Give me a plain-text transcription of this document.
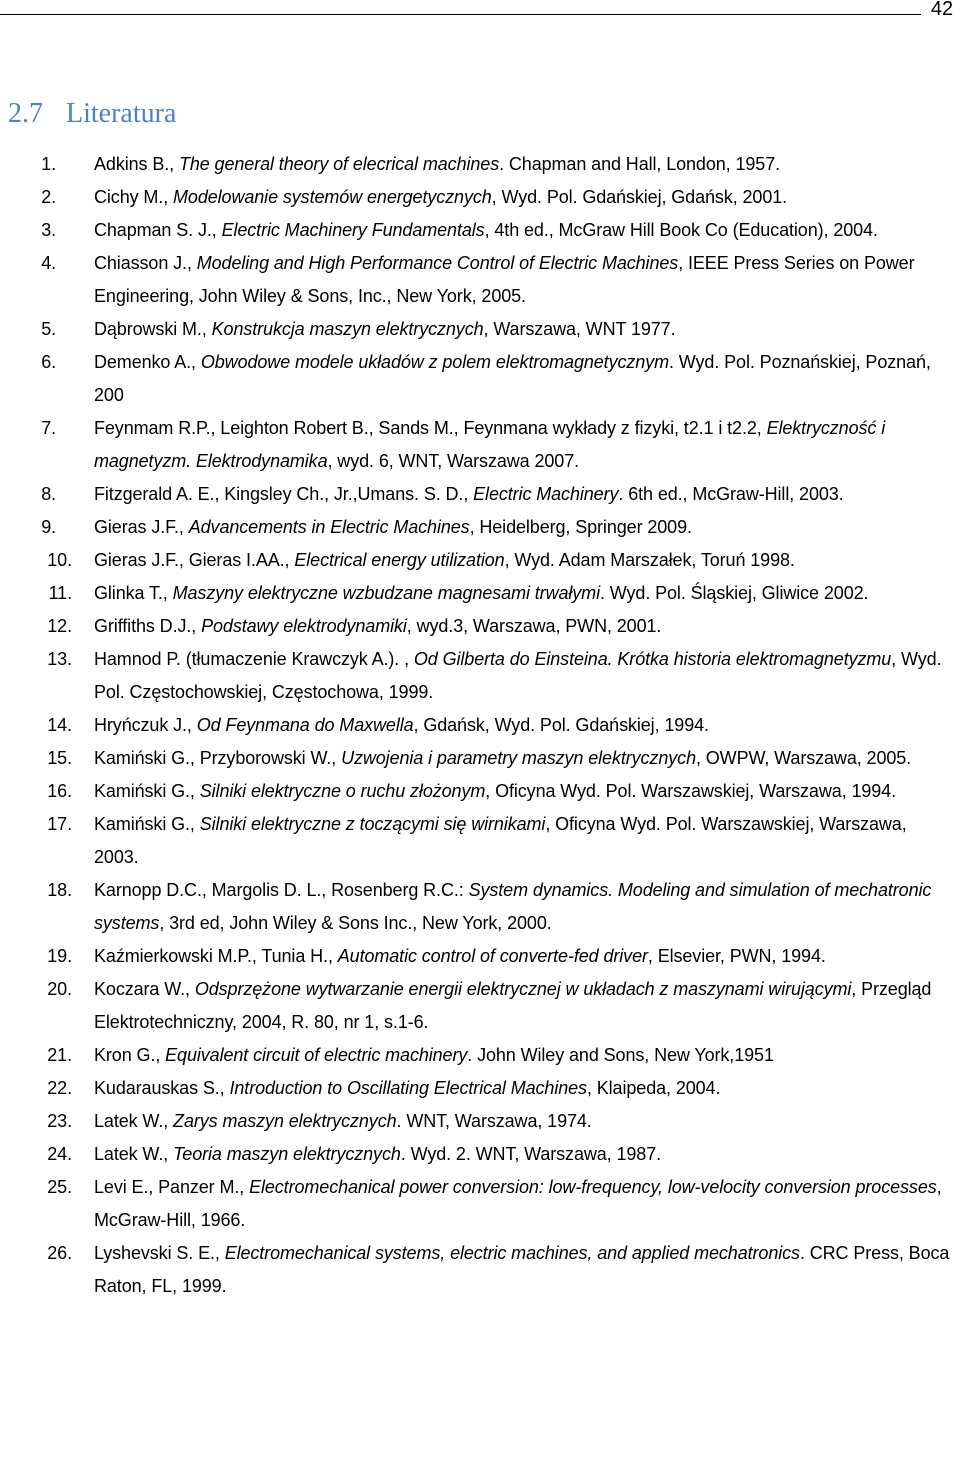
42
2.7 Literatura
1. Adkins B., The general theory of elecrical machines. Chapman and Hall, London, 1957.
2. Cichy M., Modelowanie systemów energetycznych, Wyd. Pol. Gdańskiej, Gdańsk, 2001.
3. Chapman S. J., Electric Machinery Fundamentals, 4th ed., McGraw Hill Book Co (Education), 2004.
4. Chiasson J., Modeling and High Performance Control of Electric Machines, IEEE Press Series on Power Engineering, John Wiley & Sons, Inc., New York, 2005.
5. Dąbrowski M., Konstrukcja maszyn elektrycznych, Warszawa, WNT 1977.
6. Demenko A., Obwodowe modele układów z polem elektromagnetycznym. Wyd. Pol. Poznańskiej, Poznań, 200
7. Feynmam R.P., Leighton Robert B., Sands M., Feynmana wykłady z fizyki, t2.1 i t2.2, Elektryczność i magnetyzm. Elektrodynamika, wyd. 6, WNT, Warszawa 2007.
8. Fitzgerald A. E., Kingsley Ch., Jr.,Umans. S. D., Electric Machinery. 6th ed., McGraw-Hill, 2003.
9. Gieras J.F., Advancements in Electric Machines, Heidelberg, Springer 2009.
10. Gieras J.F., Gieras I.AA., Electrical energy utilization, Wyd. Adam Marszałek, Toruń 1998.
11. Glinka T., Maszyny elektryczne wzbudzane magnesami trwałymi. Wyd. Pol. Śląskiej, Gliwice 2002.
12. Griffiths D.J., Podstawy elektrodynamiki, wyd.3, Warszawa, PWN, 2001.
13. Hamnod P. (tłumaczenie Krawczyk A.). , Od Gilberta do Einsteina. Krótka historia elektromagnetyzmu, Wyd. Pol. Częstochowskiej, Częstochowa, 1999.
14. Hryńczuk J., Od Feynmana do Maxwella, Gdańsk, Wyd. Pol. Gdańskiej, 1994.
15. Kamiński G., Przyborowski W., Uzwojenia i parametry maszyn elektrycznych, OWPW, Warszawa, 2005.
16. Kamiński G., Silniki elektryczne o ruchu złożonym, Oficyna Wyd. Pol. Warszawskiej, Warszawa, 1994.
17. Kamiński G., Silniki elektryczne z toczącymi się wirnikami, Oficyna Wyd. Pol. Warszawskiej, Warszawa, 2003.
18. Karnopp D.C., Margolis D. L., Rosenberg R.C.: System dynamics. Modeling and simulation of mechatronic systems, 3rd ed, John Wiley & Sons Inc., New York, 2000.
19. Kaźmierkowski M.P., Tunia H., Automatic control of converte-fed driver, Elsevier, PWN, 1994.
20. Koczara W., Odsprzężone wytwarzanie energii elektrycznej w układach z maszynami wirującymi, Przegląd Elektrotechniczny, 2004, R. 80, nr 1, s.1-6.
21. Kron G., Equivalent circuit of electric machinery. John Wiley and Sons, New York,1951
22. Kudarauskas S., Introduction to Oscillating Electrical Machines, Klaipeda, 2004.
23. Latek W., Zarys maszyn elektrycznych. WNT, Warszawa, 1974.
24. Latek W., Teoria maszyn elektrycznych. Wyd. 2. WNT, Warszawa, 1987.
25. Levi E., Panzer M., Electromechanical power conversion: low-frequency, low-velocity conversion processes, McGraw-Hill, 1966.
26. Lyshevski S. E., Electromechanical systems, electric machines, and applied mechatronics. CRC Press, Boca Raton, FL, 1999.
